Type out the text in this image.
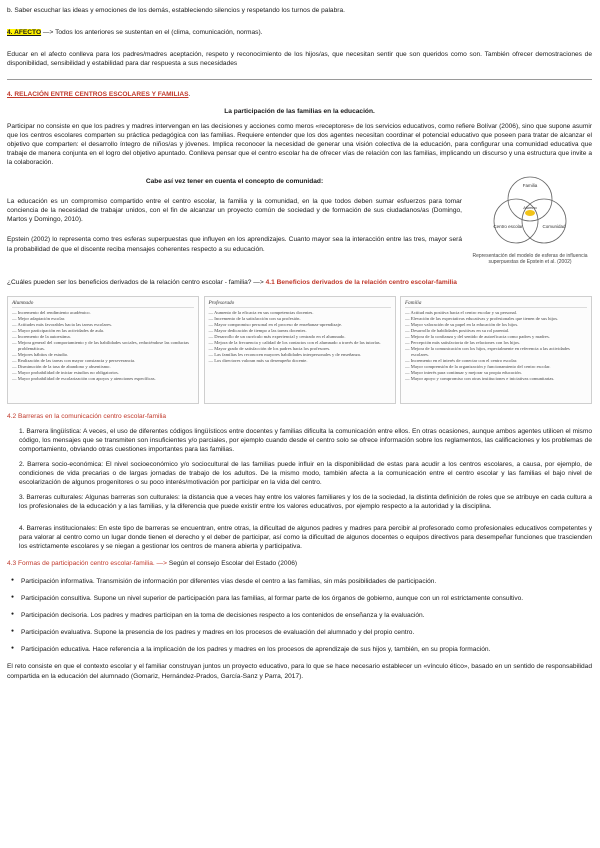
b. Saber escuchar las ideas y emociones de los demás, estableciendo silencios y respetando los turnos de palabra.

4. AFECTO —> Todos los anteriores se sustentan en el (clima, comunicación, normas).

Educar en el afecto conlleva para los padres/madres aceptación, respeto y reconocimiento de los hijos/as, que necesitan sentir que son queridos como son. También ofrecer demostraciones de disponibilidad, sensibilidad y estabilidad para dar respuesta a sus necesidades

4. RELACIÓN ENTRE CENTROS ESCOLARES Y FAMILIAS.

La participación de las familias en la educación.

Participar no consiste en que los padres y madres intervengan en las decisiones y acciones como meros «receptores» de los servicios educativos, como refiere Bolívar (2006), sino que supone asumir que los centros escolares comparten su práctica pedagógica con las familias. Requiere entender que los dos agentes necesitan coordinar el potencial educativo que poseen para tratar de alcanzar el objetivo que comparten: el desarrollo íntegro de niños/as y jóvenes. Implica reconocer la necesidad de generar una visión colectiva de la educación, para configurar una comunidad educativa que trabaje de manera conjunta en el logro del objetivo apuntado. Conlleva pensar que el centro escolar ha de ofrecer vías de relación con las familias, implicando un discurso y una estructura que invite a la colaboración.

Cabe así vez tener en cuenta el concepto de comunidad:

La educación es un compromiso compartido entre el centro escolar, la familia y la comunidad, en la que todos deben sumar esfuerzos para tomar conciencia de la necesidad de trabajar unidos, con el fin de alcanzar un proyecto común de sociedad y de formación de sus ciudadanos/as (Domingo, Martos y Domingo, 2010).

Epstein (2002) lo representa como tres esferas superpuestas que influyen en los aprendizajes. Cuanto mayor sea la interacción entre las tres, mayor será la probabilidad de que el discente reciba mensajes coherentes respecto a su educación.

Familia
Centro escolar	Comunidad
Alumno

Representación del modelo de esferas de influencia superpuestas de Epstein et al. (2002)

¿Cuáles pueden ser los beneficios derivados de la relación centro escolar - familia? —> 4.1 Beneficios derivados de la relación centro escolar-familia

Alumnado
— Incremento del rendimiento académico.
— Mejor adaptación escolar.
— Actitudes más favorables hacia las tareas escolares.
— Mayor participación en las actividades de aula.
— Incremento de la autoestima.
— Mejora general del comportamiento y de las habilidades sociales, reduciéndose las conductas problemáticas.
— Mejores hábitos de estudio.
— Realización de las tareas con mayor constancia y perseverancia.
— Disminución de la tasa de abandono y absentismo.
— Mayor probabilidad de iniciar estudios no obligatorios.
— Mayor probabilidad de escolarización con apoyos y atenciones específicas.
Profesorado
— Aumento de la eficacia en sus competencias docentes.
— Incremento de la satisfacción con su profesión.
— Mayor compromiso personal en el proceso de enseñanza-aprendizaje.
— Mayor dedicación de tiempo a las tareas docentes.
— Desarrollo de un currículo más experiencial y centrado en el alumnado.
— Mejora de la frecuencia y calidad de los contactos con el alumnado a través de las tutorías.
— Mayor grado de satisfacción de los padres hacia los profesores.
— Las familias les reconocen mayores habilidades interpersonales y de enseñanza.
— Los directores valoran más su desempeño docente.
Familia
— Actitud más positiva hacia el centro escolar y su personal.
— Elevación de las expectativas educativas y profesionales que tienen de sus hijos.
— Mayor valoración de su papel en la educación de los hijos.
— Desarrollo de habilidades positivas en su rol parental.
— Mejora de la confianza y del sentido de autoeficacia como padres y madres.
— Percepción más satisfactoria de las relaciones con los hijos.
— Mejora de la comunicación con los hijos, especialmente en referencia a las actividades escolares.
— Incremento en el interés de conectar con el centro escolar.
— Mayor comprensión de la organización y funcionamiento del centro escolar.
— Mayor interés para continuar y mejorar su propia educación.
— Mayor apoyo y compromiso con otras instituciones e iniciativas comunitarias.

4.2 Barreras en la comunicación centro escolar-familia

1. Barrera lingüística: A veces, el uso de diferentes códigos lingüísticos entre docentes y familias dificulta la comunicación entre ellos. En otras ocasiones, aunque ambos agentes utilicen el mismo código, los mensajes que se transmiten son insuficientes y/o parciales, por ejemplo cuando desde el centro solo se ofrece información sobre los reglamentos, las calificaciones y los problemas de comportamiento, obviando otras cuestiones importantes para las familias.

2. Barrera socio-económica: El nivel socioeconómico y/o sociocultural de las familias puede influir en la disponibilidad de estas para acudir a los centros escolares, a causa, por ejemplo, de condiciones de vida precarias o de largas jornadas de trabajo de los adultos. De la mismo modo, también afecta a la comunicación entre el centro escolar y las familias el bajo nivel de escolarización de algunos progenitores o su poco interés/motivación por participar en la vida del centro.

3. Barreras culturales: Algunas barreras son culturales: la distancia que a veces hay entre los valores familiares y los de la sociedad, la distinta definición de roles que se atribuye en cada cultura a los profesionales de la educación y a las familias, y la diferencia que puede existir entre los valores educativos, por ejemplo respecto a la autoridad y la disciplina.

4. Barreras institucionales: En este tipo de barreras se encuentran, entre otras, la dificultad de algunos padres y madres para percibir al profesorado como profesionales educativos competentes y para valorar al centro como un lugar donde tienen el derecho y el deber de participar, así como la dificultad de algunos docentes o equipos directivos para desempeñar funciones que trascienden los estrictamente escolares y se niegan a gestionar los centros de manera abierta y participativa.

4.3 Formas de participación centro escolar-familia. —> Según el consejo Escolar del Estado (2006)

● Participación informativa. Transmisión de información por diferentes vías desde el centro a las familias, sin más posibilidades de participación.
● Participación consultiva. Supone un nivel superior de participación para las familias, al formar parte de los órganos de gobierno, aunque con un rol estrictamente consultivo.
● Participación decisoria. Los padres y madres participan en la toma de decisiones respecto a los contenidos de enseñanza y la evaluación.
● Participación evaluativa. Supone la presencia de los padres y madres en los procesos de evaluación del alumnado y del propio centro.
● Participación educativa. Hace referencia a la implicación de los padres y madres en los procesos de aprendizaje de sus hijos y, también, en su propia formación.

El reto consiste en que el contexto escolar y el familiar construyan juntos un proyecto educativo, para lo que se hace necesario establecer un «vínculo ético», basado en un sentido de responsabilidad compartida en la educación del alumnado (Gomariz, Hernández-Prados, García-Sanz y Parra, 2017).
